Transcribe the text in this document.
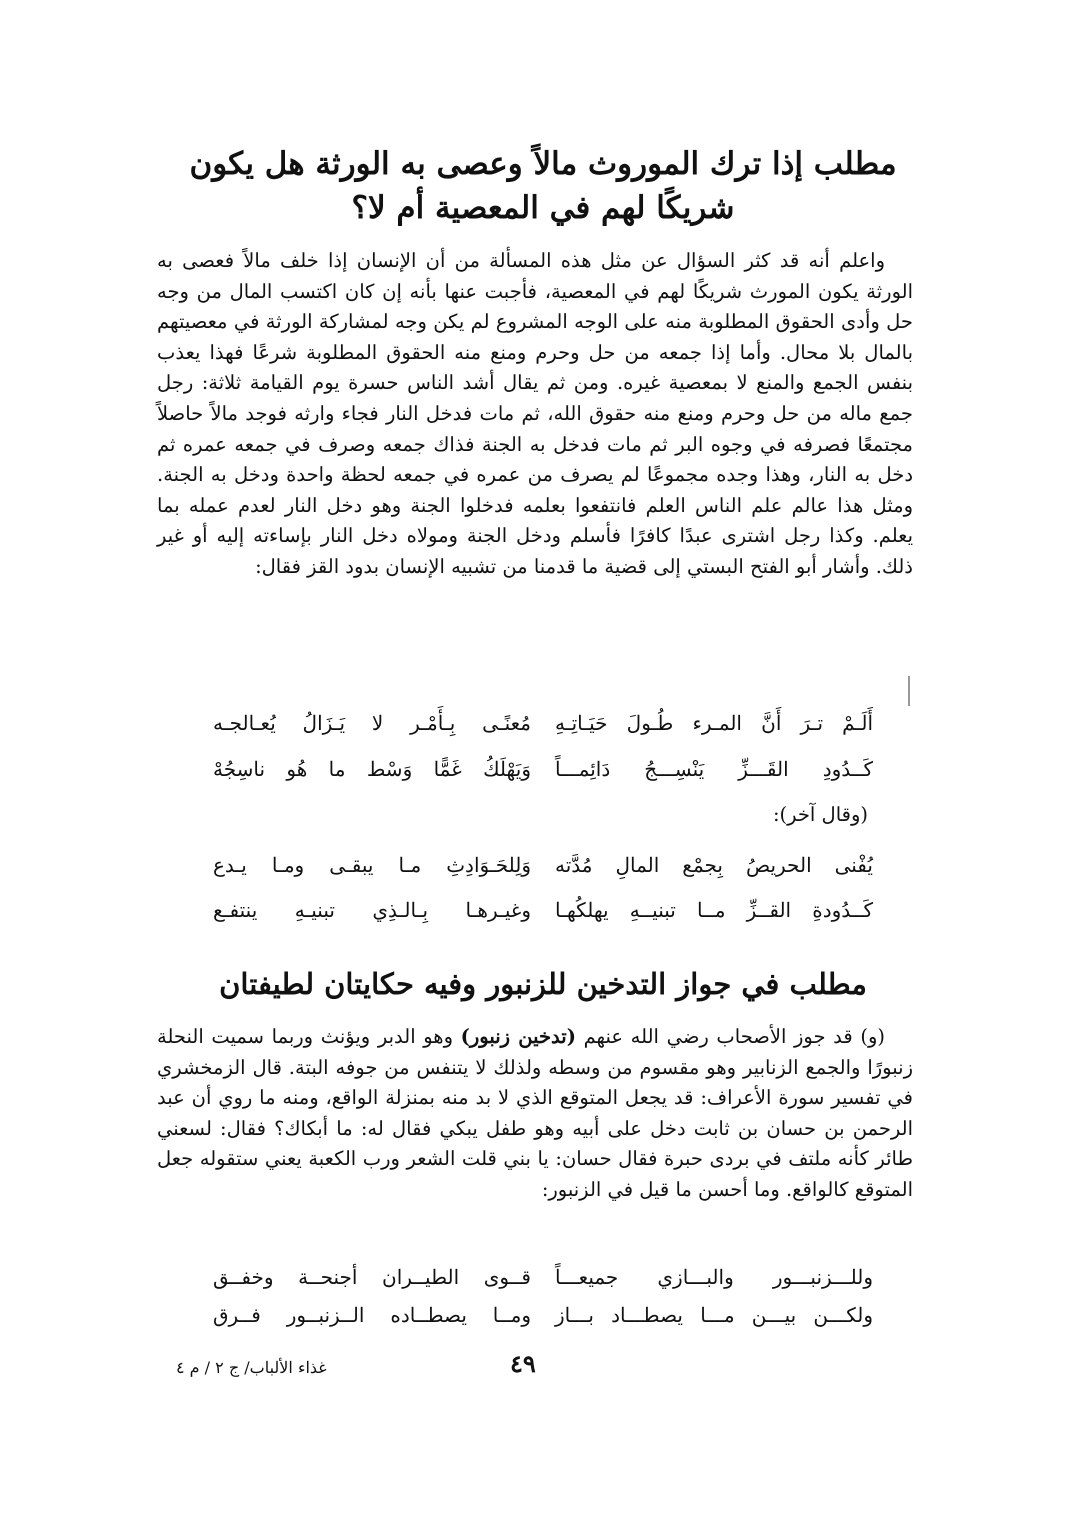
مطلب إذا ترك الموروث مالاً وعصى به الورثة هل يكون شريكًا لهم في المعصية أم لا؟

واعلم أنه قد كثر السؤال عن مثل هذه المسألة من أن الإنسان إذا خلف مالاً فعصى به الورثة يكون المورث شريكًا لهم في المعصية، فأجبت عنها بأنه إن كان اكتسب المال من وجه حل وأدى الحقوق المطلوبة منه على الوجه المشروع لم يكن وجه لمشاركة الورثة في معصيتهم بالمال بلا محال. وأما إذا جمعه من حل وحرم ومنع منه الحقوق المطلوبة شرعًا فهذا يعذب بنفس الجمع والمنع لا بمعصية غيره. ومن ثم يقال أشد الناس حسرة يوم القيامة ثلاثة: رجل جمع ماله من حل وحرم ومنع منه حقوق الله، ثم مات فدخل النار فجاء وارثه فوجد مالاً حاصلاً مجتمعًا فصرفه في وجوه البر ثم مات فدخل به الجنة فذاك جمعه وصرف في جمعه عمره ثم دخل به النار، وهذا وجده مجموعًا لم يصرف من عمره في جمعه لحظة واحدة ودخل به الجنة. ومثل هذا عالم علم الناس العلم فانتفعوا بعلمه فدخلوا الجنة وهو دخل النار لعدم عمله بما يعلم. وكذا رجل اشترى عبدًا كافرًا فأسلم ودخل الجنة ومولاه دخل النار بإساءته إليه أو غير ذلك. وأشار أبو الفتح البستي إلى قضية ما قدمنا من تشبيه الإنسان بدود القز فقال:

أَلَـمْ تـرَ أَنَّ المـرء طُـولَ حَيَـاتِـهِ
مُعنًـى بِـأَمْـر لا يَـزَالُ يُعـالجـه
كَــدُودِ القَـــزِّ يَنْسِـــجُ دَائِمـــاً
وَيَهْلَكُ غَمًّا وَسْط ما هُو ناسِجُهْ
(وقال آخر):
يُفْنى الحريصُ بِجمْع المالِ مُدَّته
وَلِلحَـوَادِثِ مـا يبقـى ومـا يـدع
كَــدُودةِ القــزِّ مــا تبنيــهِ يهلكُهـا
وغيـرهـا بِـالـذِي تبنيـهِ ينتفـع
مطلب في جواز التدخين للزنبور وفيه حكايتان لطيفتان

(و) قد جوز الأصحاب رضي الله عنهم (تدخين زنبور) وهو الدبر ويؤنث وربما سميت النحلة زنبورًا والجمع الزنابير وهو مقسوم من وسطه ولذلك لا يتنفس من جوفه البتة. قال الزمخشري في تفسير سورة الأعراف: قد يجعل المتوقع الذي لا بد منه بمنزلة الواقع، ومنه ما روي أن عبد الرحمن بن حسان بن ثابت دخل على أبيه وهو طفل يبكي فقال له: ما أبكاك؟ فقال: لسعني طائر كأنه ملتف في بردى حبرة فقال حسان: يا بني قلت الشعر ورب الكعبة يعني ستقوله جعل المتوقع كالواقع. وما أحسن ما قيل في الزنبور:

وللـــزنبـــور والبـــازي جميعـــاً
قــوى الطيــران أجنحــة وخفــق
ولكـــن بيـــن مـــا يصطـــاد بـــاز
ومــا يصطــاده الــزنبــور فــرق
غذاء الألباب/ ج ٢ / م ٤	٤٩
